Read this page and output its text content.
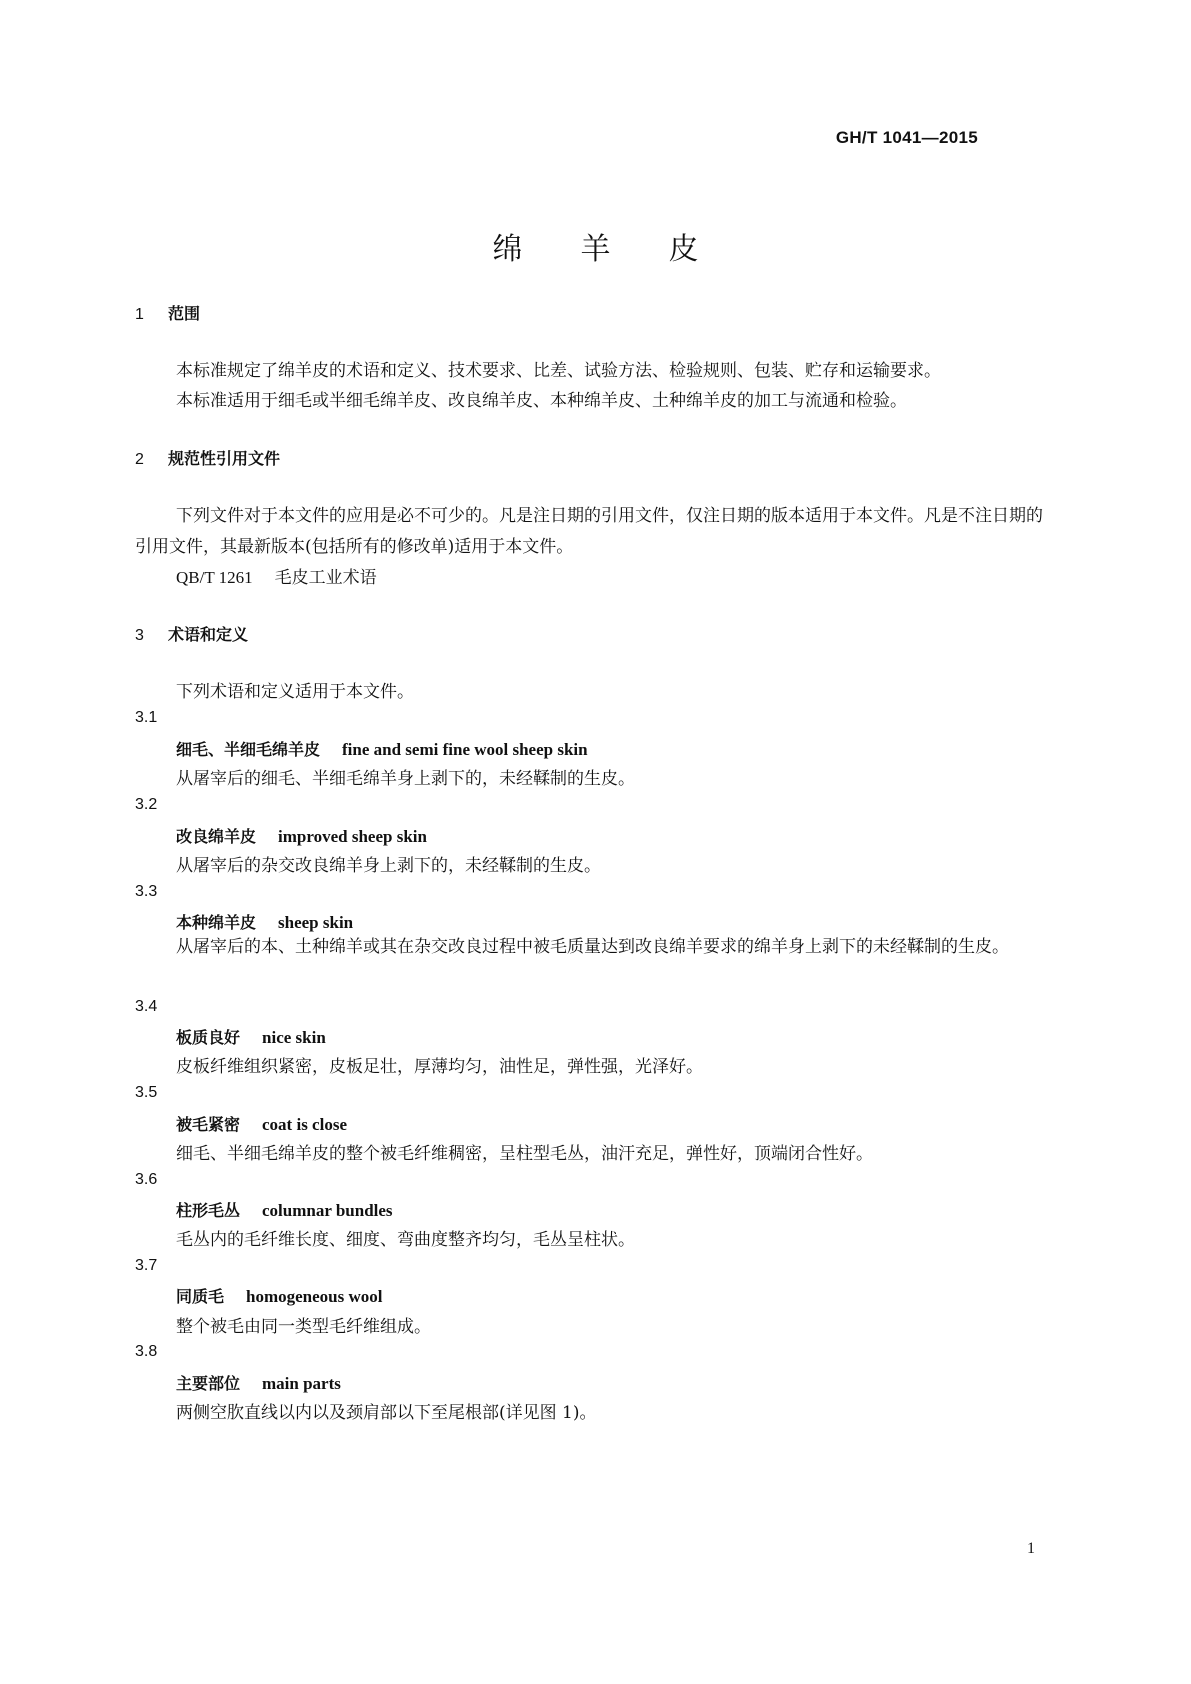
GH/T 1041—2015
绵羊皮
1 范围
本标准规定了绵羊皮的术语和定义、技术要求、比差、试验方法、检验规则、包装、贮存和运输要求。
本标准适用于细毛或半细毛绵羊皮、改良绵羊皮、本种绵羊皮、土种绵羊皮的加工与流通和检验。
2 规范性引用文件
下列文件对于本文件的应用是必不可少的。凡是注日期的引用文件，仅注日期的版本适用于本文件。凡是不注日期的引用文件，其最新版本(包括所有的修改单)适用于本文件。
QB/T 1261 毛皮工业术语
3 术语和定义
下列术语和定义适用于本文件。
3.1
细毛、半细毛绵羊皮 fine and semi fine wool sheep skin
从屠宰后的细毛、半细毛绵羊身上剥下的，未经鞣制的生皮。
3.2
改良绵羊皮 improved sheep skin
从屠宰后的杂交改良绵羊身上剥下的，未经鞣制的生皮。
3.3
本种绵羊皮 sheep skin
从屠宰后的本、土种绵羊或其在杂交改良过程中被毛质量达到改良绵羊要求的绵羊身上剥下的未经鞣制的生皮。
3.4
板质良好 nice skin
皮板纤维组织紧密，皮板足壮，厚薄均匀，油性足，弹性强，光泽好。
3.5
被毛紧密 coat is close
细毛、半细毛绵羊皮的整个被毛纤维稠密，呈柱型毛丛，油汗充足，弹性好，顶端闭合性好。
3.6
柱形毛丛 columnar bundles
毛丛内的毛纤维长度、细度、弯曲度整齐均匀，毛丛呈柱状。
3.7
同质毛 homogeneous wool
整个被毛由同一类型毛纤维组成。
3.8
主要部位 main parts
两侧空肷直线以内以及颈肩部以下至尾根部(详见图 1)。
1
